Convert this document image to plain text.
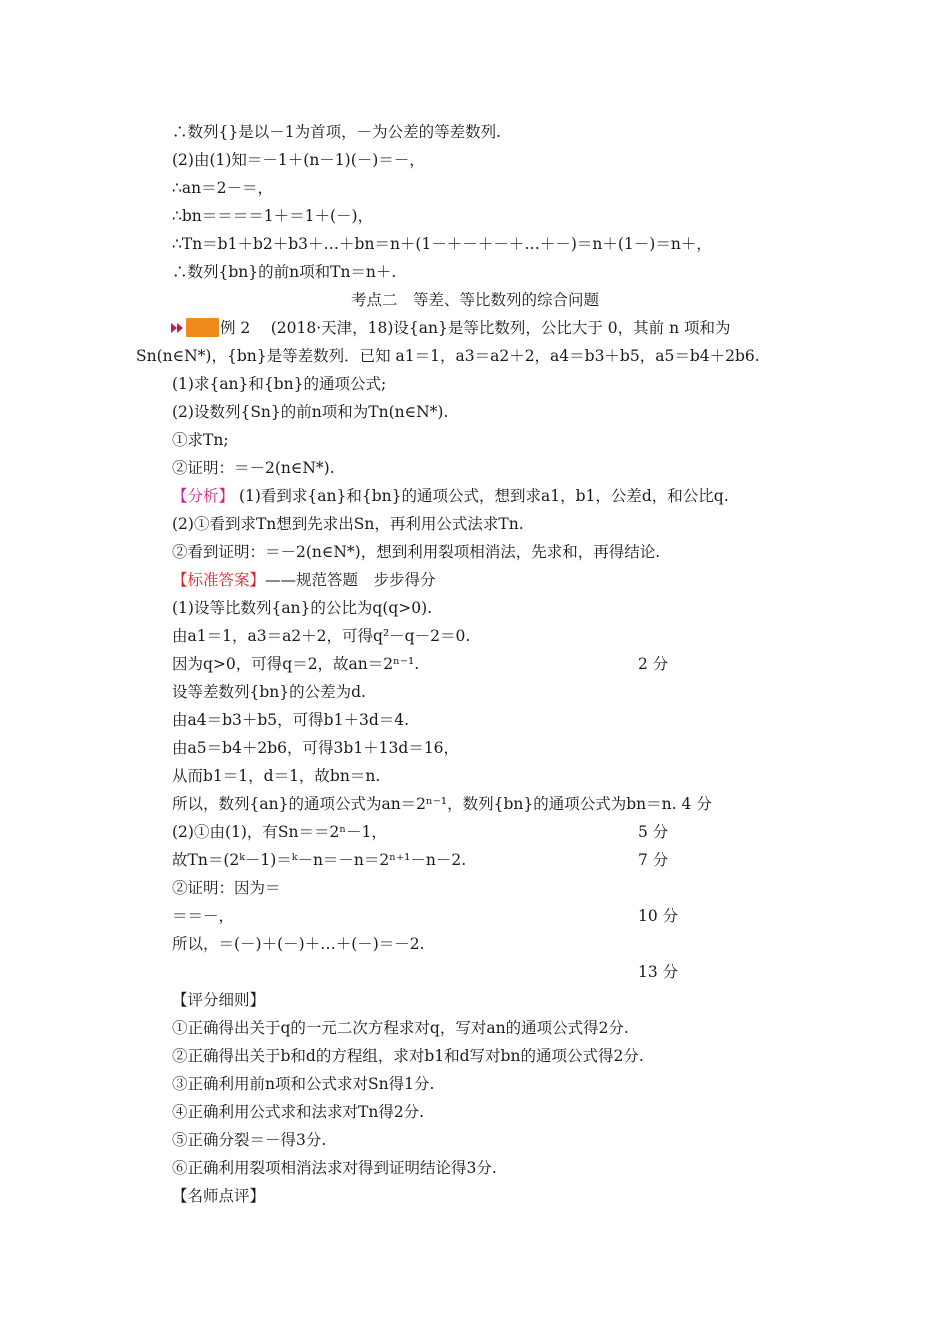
∴数列{}是以－1为首项，－为公差的等差数列.
(2)由(1)知＝－1＋(n－1)(－)＝－，
∴an＝2－＝，
∴bn＝＝＝＝1＋＝1＋(－)，
∴Tn＝b1＋b2＋b3＋…＋bn＝n＋(1－＋－＋－＋…＋－)＝n＋(1－)＝n＋，
∴数列{bn}的前n项和Tn＝n＋.
考点二　等差、等比数列的综合问题
例 2　 (2018·天津，18)设{an}是等比数列，公比大于 0，其前 n 项和为
Sn(n∈N*)，{bn}是等差数列．已知 a1＝1，a3＝a2＋2，a4＝b3＋b5，a5＝b4＋2b6.
(1)求{an}和{bn}的通项公式;
(2)设数列{Sn}的前n项和为Tn(n∈N*).
①求Tn;
②证明：＝－2(n∈N*).
【分析】 (1)看到求{an}和{bn}的通项公式，想到求a1，b1，公差d，和公比q.
(2)①看到求Tn想到先求出Sn，再利用公式法求Tn.
②看到证明：＝－2(n∈N*)，想到利用裂项相消法，先求和，再得结论.
【标准答案】——规范答题　步步得分
(1)设等比数列{an}的公比为q(q>0).
由a1＝1，a3＝a2＋2，可得q²－q－2＝0.
因为q>0，可得q＝2，故an＝2ⁿ⁻¹.	2 分
设等差数列{bn}的公差为d.
由a4＝b3＋b5，可得b1＋3d＝4.
由a5＝b4＋2b6，可得3b1＋13d＝16，
从而b1＝1，d＝1，故bn＝n.
所以，数列{an}的通项公式为an＝2ⁿ⁻¹，数列{bn}的通项公式为bn＝n. 4 分
(2)①由(1)，有Sn＝＝2ⁿ－1，	5 分
故Tn＝(2ᵏ－1)＝ᵏ－n＝－n＝2ⁿ⁺¹－n－2.	7 分
②证明：因为＝
＝＝－，	10 分
所以，＝(－)＋(－)＋…＋(－)＝－2.
13 分
【评分细则】
①正确得出关于q的一元二次方程求对q，写对an的通项公式得2分.
②正确得出关于b和d的方程组，求对b1和d写对bn的通项公式得2分.
③正确利用前n项和公式求对Sn得1分.
④正确利用公式求和法求对Tn得2分.
⑤正确分裂＝－得3分.
⑥正确利用裂项相消法求对得到证明结论得3分.
【名师点评】
